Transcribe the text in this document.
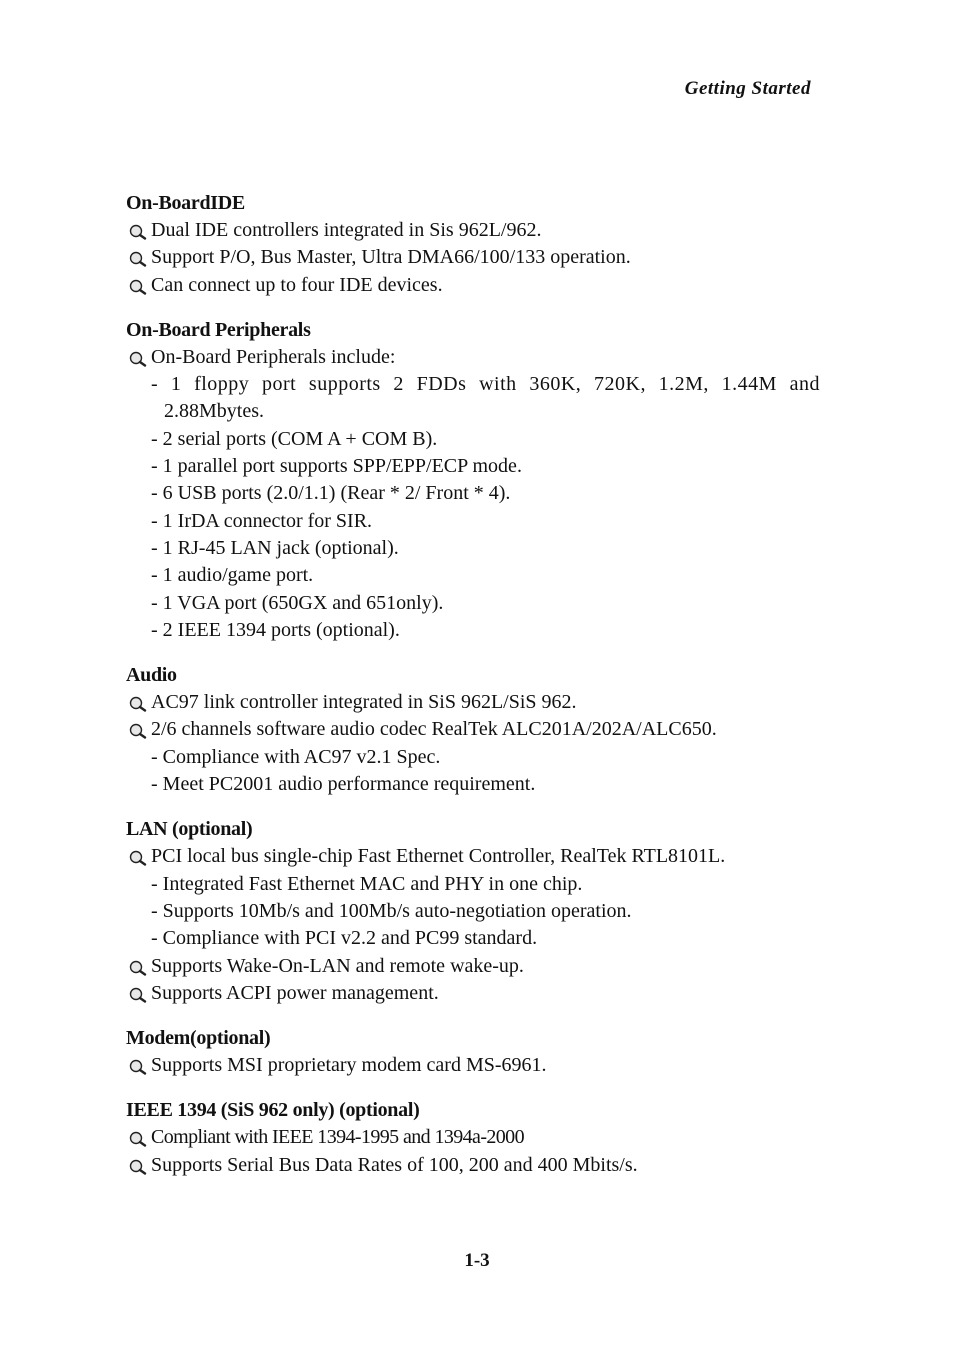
Getting Started
On-BoardIDE
Dual IDE controllers integrated in Sis 962L/962.
Support P/O, Bus Master, Ultra DMA66/100/133 operation.
Can connect up to four IDE devices.
On-Board Peripherals
On-Board Peripherals include:
- 1 floppy port supports 2 FDDs with 360K, 720K, 1.2M, 1.44M and
2.88Mbytes.
- 2 serial ports (COM A + COM B).
- 1 parallel port supports SPP/EPP/ECP mode.
- 6 USB ports (2.0/1.1) (Rear * 2/ Front * 4).
- 1 IrDA connector for SIR.
- 1 RJ-45 LAN jack (optional).
- 1 audio/game port.
- 1 VGA port (650GX and 651only).
- 2 IEEE 1394 ports (optional).
Audio
AC97 link controller integrated in SiS 962L/SiS 962.
2/6 channels software audio codec RealTek ALC201A/202A/ALC650.
- Compliance with AC97 v2.1 Spec.
- Meet PC2001 audio performance requirement.
LAN (optional)
PCI local bus single-chip Fast Ethernet Controller, RealTek RTL8101L.
- Integrated Fast Ethernet MAC and PHY in one chip.
- Supports 10Mb/s and 100Mb/s auto-negotiation operation.
- Compliance with PCI v2.2 and PC99 standard.
Supports Wake-On-LAN and remote wake-up.
Supports ACPI power management.
Modem(optional)
Supports MSI proprietary modem card MS-6961.
IEEE 1394 (SiS 962 only) (optional)
Compliant with IEEE 1394-1995 and 1394a-2000
Supports Serial Bus Data Rates of 100, 200 and 400 Mbits/s.
1-3
